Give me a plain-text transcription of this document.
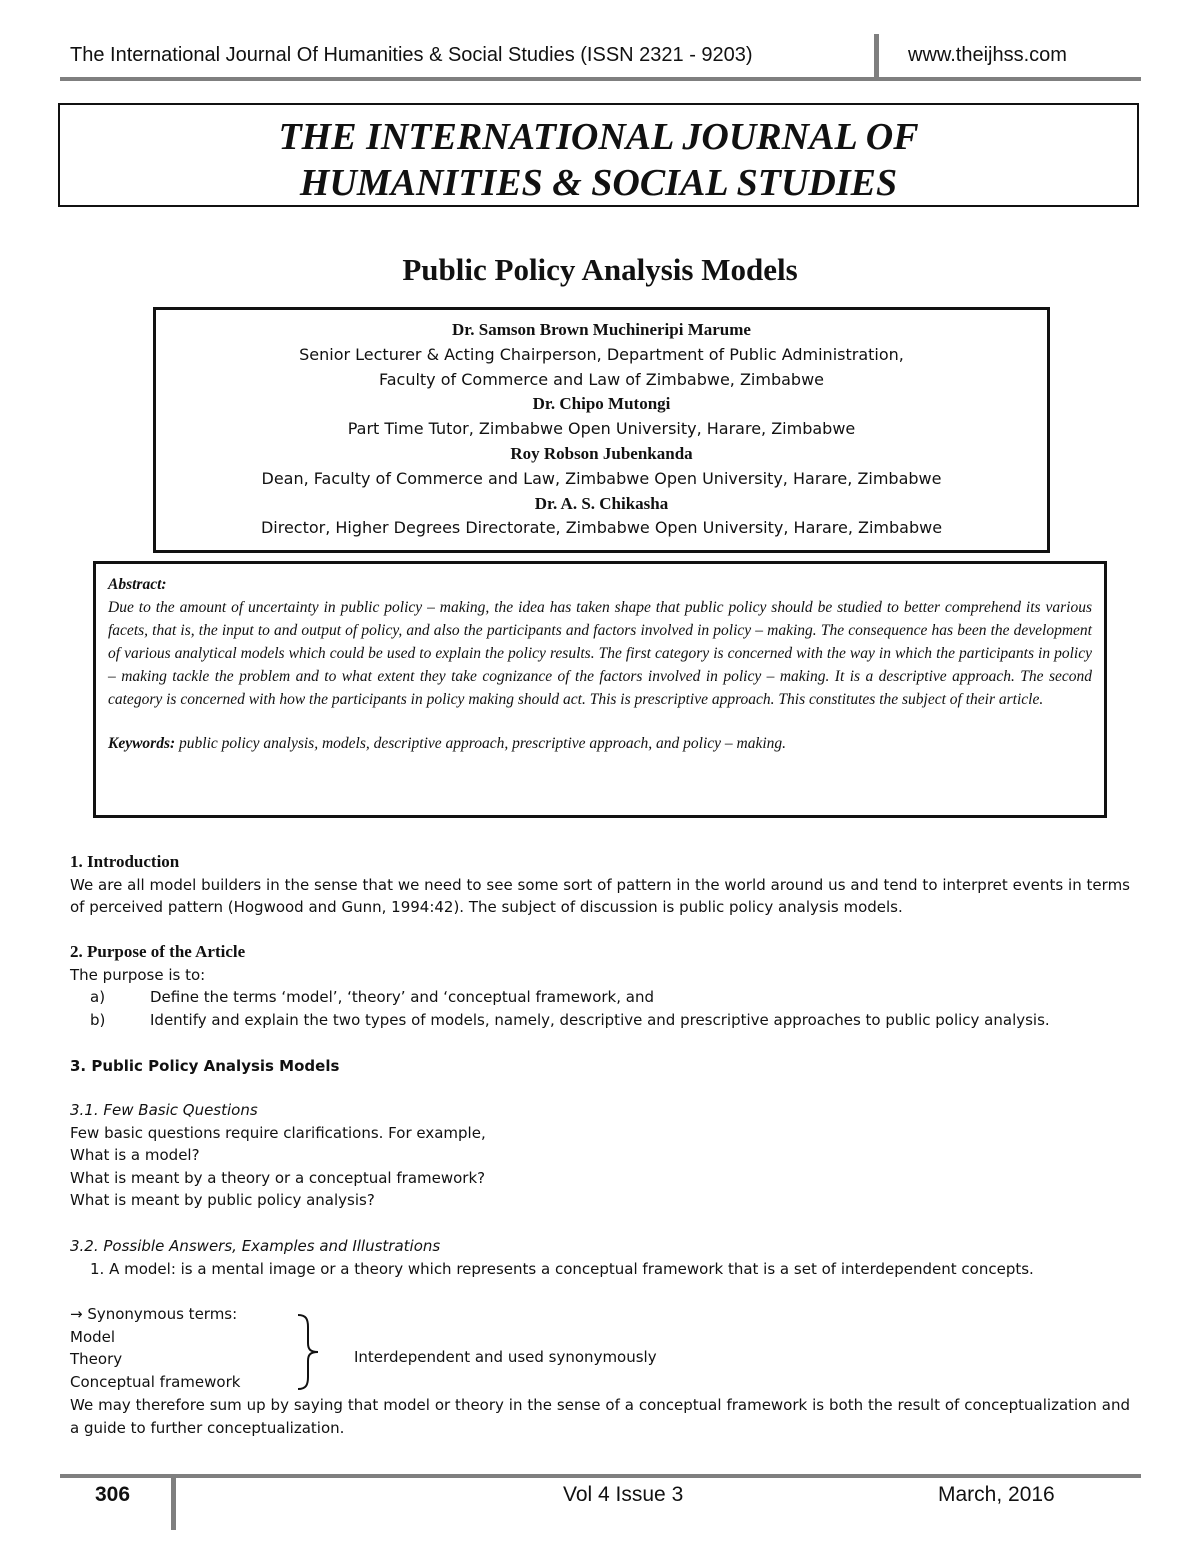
The International Journal Of Humanities & Social Studies (ISSN 2321 - 9203)	www.theijhss.com
THE INTERNATIONAL JOURNAL OF
HUMANITIES & SOCIAL STUDIES
Public Policy Analysis Models
Dr. Samson Brown Muchineripi Marume
Senior Lecturer & Acting Chairperson, Department of Public Administration,
Faculty of Commerce and Law of Zimbabwe, Zimbabwe
Dr. Chipo Mutongi
Part Time Tutor, Zimbabwe Open University, Harare, Zimbabwe
Roy Robson Jubenkanda
Dean, Faculty of Commerce and Law, Zimbabwe Open University, Harare, Zimbabwe
Dr. A. S. Chikasha
Director, Higher Degrees Directorate, Zimbabwe Open University, Harare, Zimbabwe
Abstract:
Due to the amount of uncertainty in public policy – making, the idea has taken shape that public policy should be studied to better comprehend its various facets, that is, the input to and output of policy, and also the participants and factors involved in policy – making. The consequence has been the development of various analytical models which could be used to explain the policy results. The first category is concerned with the way in which the participants in policy – making tackle the problem and to what extent they take cognizance of the factors involved in policy – making. It is a descriptive approach. The second category is concerned with how the participants in policy making should act. This is prescriptive approach. This constitutes the subject of their article.
Keywords: public policy analysis, models, descriptive approach, prescriptive approach, and policy – making.
1. Introduction
We are all model builders in the sense that we need to see some sort of pattern in the world around us and tend to interpret events in terms of perceived pattern (Hogwood and Gunn, 1994:42). The subject of discussion is public policy analysis models.
2. Purpose of the Article
The purpose is to:
a)	Define the terms ‘model’, ‘theory’ and ‘conceptual framework, and
b)	Identify and explain the two types of models, namely, descriptive and prescriptive approaches to public policy analysis.
3. Public Policy Analysis Models
3.1. Few Basic Questions
Few basic questions require clarifications. For example,
What is a model?
What is meant by a theory or a conceptual framework?
What is meant by public policy analysis?
3.2. Possible Answers, Examples and Illustrations
1. A model: is a mental image or a theory which represents a conceptual framework that is a set of interdependent concepts.
→ Synonymous terms:
Model
Theory
Conceptual framework
Interdependent and used synonymously
We may therefore sum up by saying that model or theory in the sense of a conceptual framework is both the result of conceptualization and a guide to further conceptualization.
306	Vol 4 Issue 3	March, 2016
